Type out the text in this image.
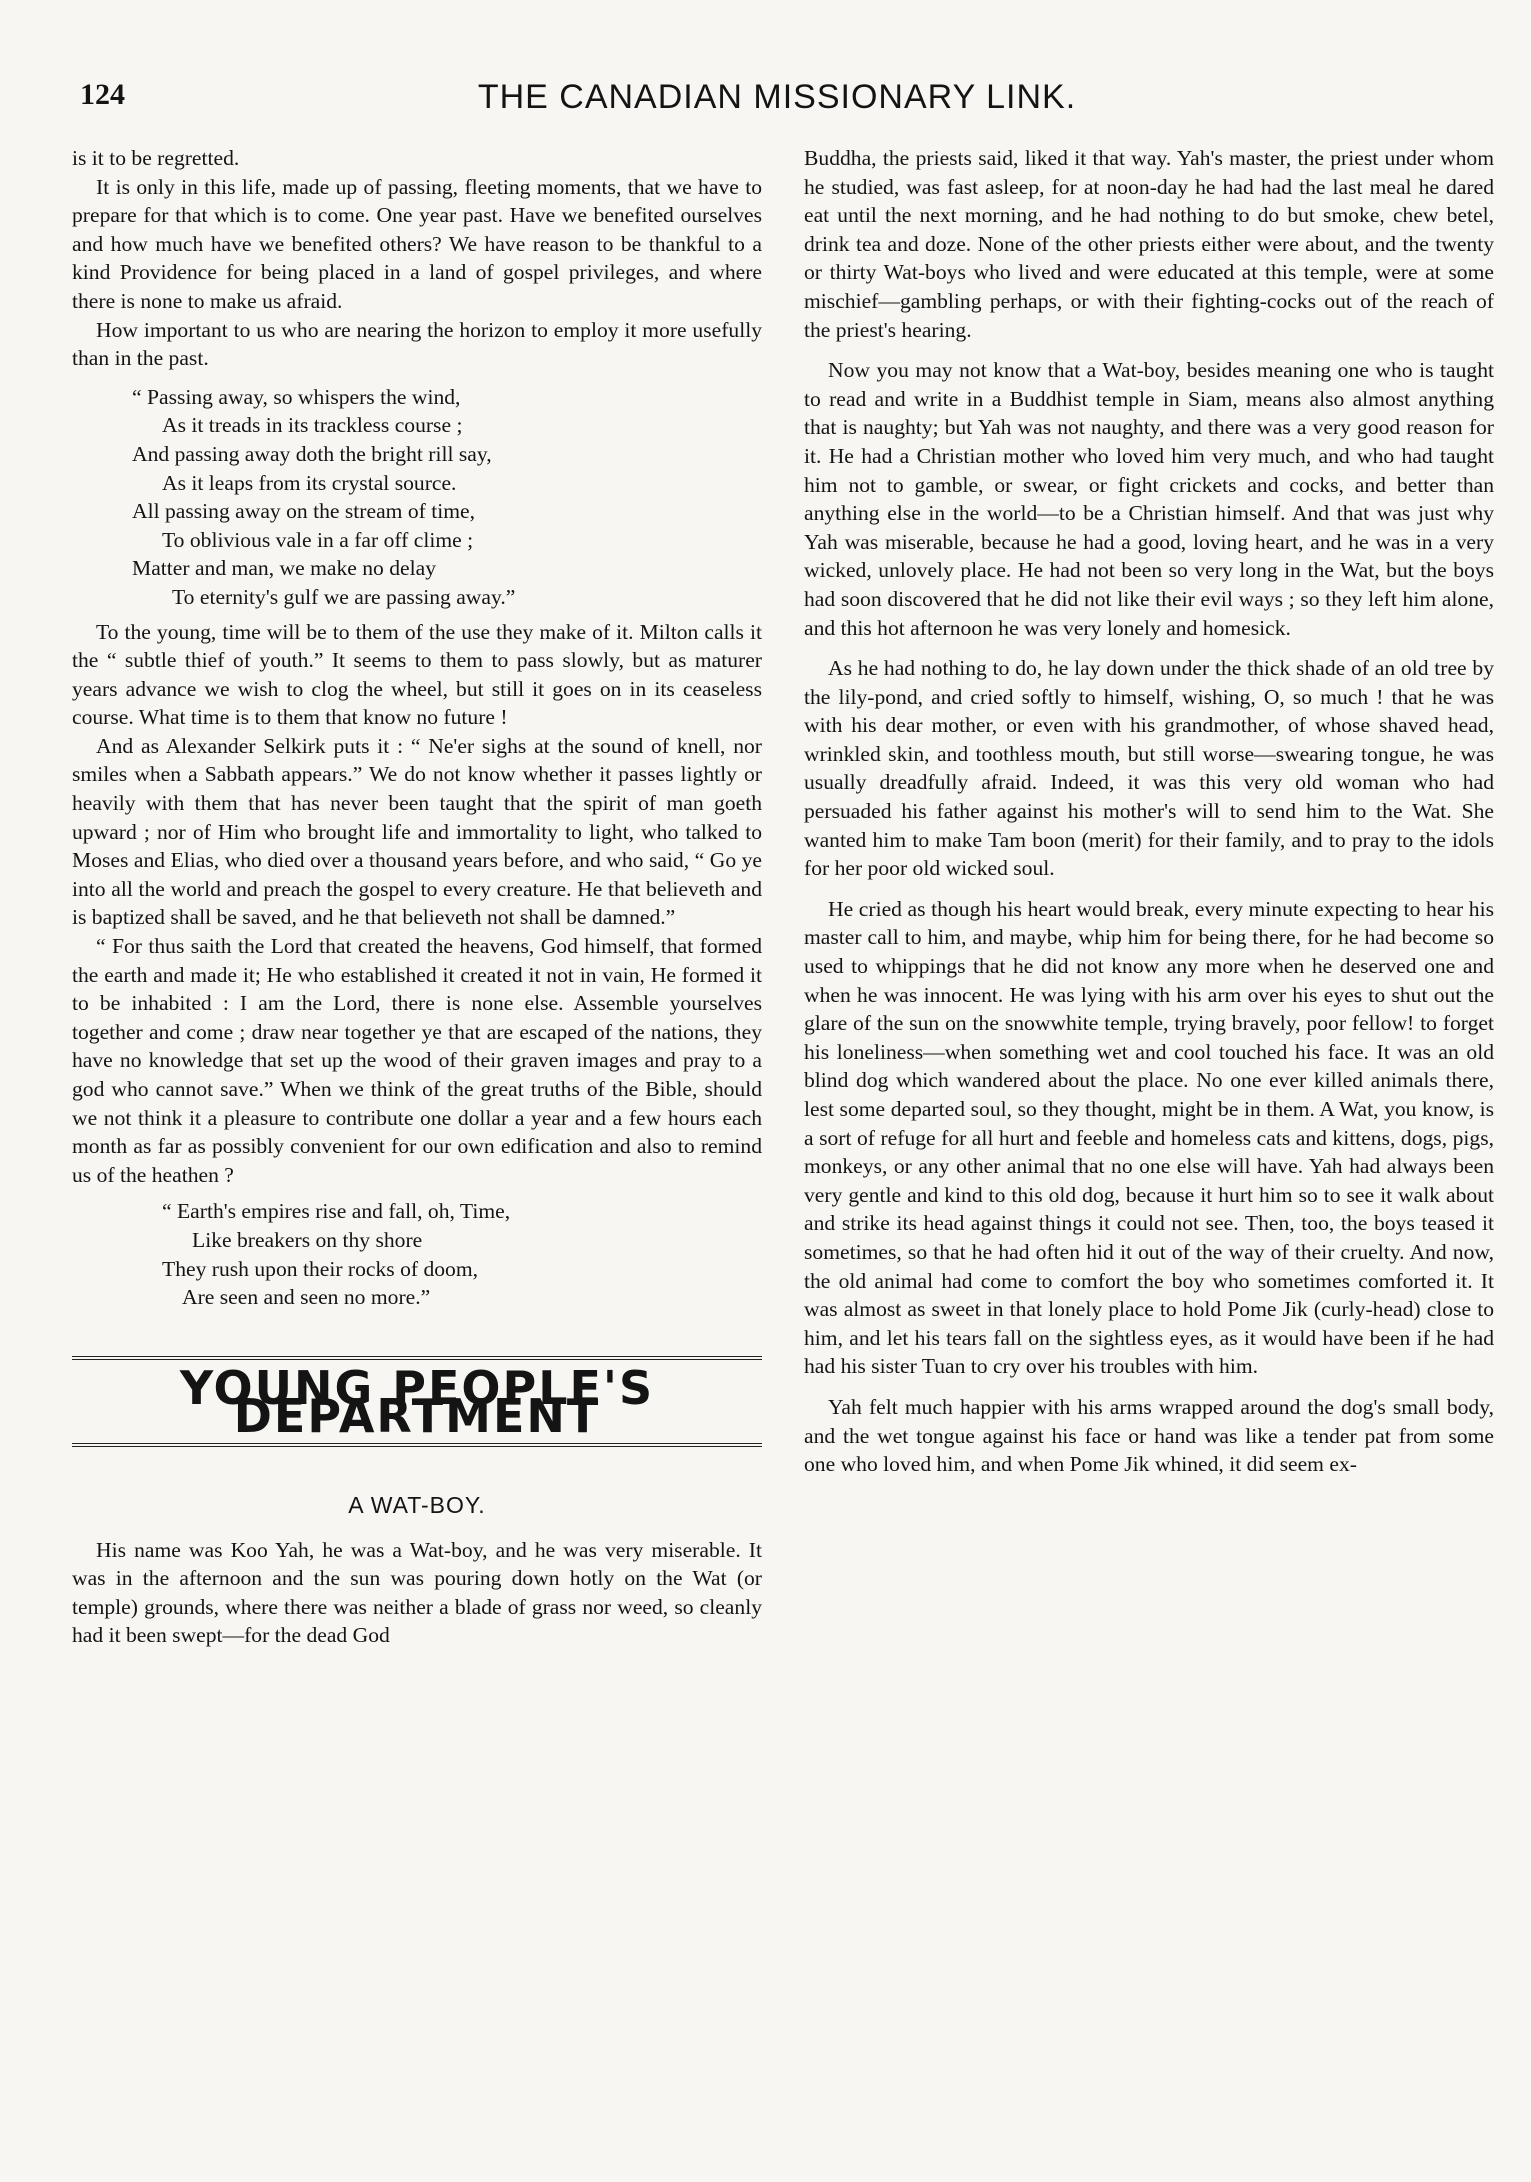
124	THE CANADIAN MISSIONARY LINK.

is it to be regretted.

It is only in this life, made up of passing, fleeting moments, that we have to prepare for that which is to come. One year past. Have we benefited ourselves and how much have we benefited others? We have reason to be thankful to a kind Providence for being placed in a land of gospel privileges, and where there is none to make us afraid.

How important to us who are nearing the horizon to employ it more usefully than in the past.

“ Passing away, so whispers the wind,
As it treads in its trackless course ;
And passing away doth the bright rill say,
As it leaps from its crystal source.
All passing away on the stream of time,
To oblivious vale in a far off clime ;
Matter and man, we make no delay
To eternity's gulf we are passing away.”

To the young, time will be to them of the use they make of it. Milton calls it the “ subtle thief of youth.” It seems to them to pass slowly, but as maturer years advance we wish to clog the wheel, but still it goes on in its ceaseless course. What time is to them that know no future !

And as Alexander Selkirk puts it : “ Ne'er sighs at the sound of knell, nor smiles when a Sabbath appears.” We do not know whether it passes lightly or heavily with them that has never been taught that the spirit of man goeth upward ; nor of Him who brought life and immortality to light, who talked to Moses and Elias, who died over a thousand years before, and who said, “ Go ye into all the world and preach the gospel to every creature. He that believeth and is baptized shall be saved, and he that believeth not shall be damned.”

“ For thus saith the Lord that created the heavens, God himself, that formed the earth and made it; He who established it created it not in vain, He formed it to be inhabited : I am the Lord, there is none else. Assemble yourselves together and come ; draw near together ye that are escaped of the nations, they have no knowledge that set up the wood of their graven images and pray to a god who cannot save.” When we think of the great truths of the Bible, should we not think it a pleasure to contribute one dollar a year and a few hours each month as far as possibly convenient for our own edification and also to remind us of the heathen ?

“ Earth's empires rise and fall, oh, Time,
Like breakers on thy shore
They rush upon their rocks of doom,
Are seen and seen no more.”
YOUNG PEOPLE'S DEPARTMENT
A WAT-BOY.

His name was Koo Yah, he was a Wat-boy, and he was very miserable. It was in the afternoon and the sun was pouring down hotly on the Wat (or temple) grounds, where there was neither a blade of grass nor weed, so cleanly had it been swept—for the dead God

Buddha, the priests said, liked it that way. Yah's master, the priest under whom he studied, was fast asleep, for at noon-day he had had the last meal he dared eat until the next morning, and he had nothing to do but smoke, chew betel, drink tea and doze. None of the other priests either were about, and the twenty or thirty Wat-boys who lived and were educated at this temple, were at some mischief—gambling perhaps, or with their fighting-cocks out of the reach of the priest's hearing.

Now you may not know that a Wat-boy, besides meaning one who is taught to read and write in a Buddhist temple in Siam, means also almost anything that is naughty; but Yah was not naughty, and there was a very good reason for it. He had a Christian mother who loved him very much, and who had taught him not to gamble, or swear, or fight crickets and cocks, and better than anything else in the world—to be a Christian himself. And that was just why Yah was miserable, because he had a good, loving heart, and he was in a very wicked, unlovely place. He had not been so very long in the Wat, but the boys had soon discovered that he did not like their evil ways ; so they left him alone, and this hot afternoon he was very lonely and homesick.

As he had nothing to do, he lay down under the thick shade of an old tree by the lily-pond, and cried softly to himself, wishing, O, so much ! that he was with his dear mother, or even with his grandmother, of whose shaved head, wrinkled skin, and toothless mouth, but still worse—swearing tongue, he was usually dreadfully afraid. Indeed, it was this very old woman who had persuaded his father against his mother's will to send him to the Wat. She wanted him to make Tam boon (merit) for their family, and to pray to the idols for her poor old wicked soul.

He cried as though his heart would break, every minute expecting to hear his master call to him, and maybe, whip him for being there, for he had become so used to whippings that he did not know any more when he deserved one and when he was innocent. He was lying with his arm over his eyes to shut out the glare of the sun on the snowwhite temple, trying bravely, poor fellow! to forget his loneliness—when something wet and cool touched his face. It was an old blind dog which wandered about the place. No one ever killed animals there, lest some departed soul, so they thought, might be in them. A Wat, you know, is a sort of refuge for all hurt and feeble and homeless cats and kittens, dogs, pigs, monkeys, or any other animal that no one else will have. Yah had always been very gentle and kind to this old dog, because it hurt him so to see it walk about and strike its head against things it could not see. Then, too, the boys teased it sometimes, so that he had often hid it out of the way of their cruelty. And now, the old animal had come to comfort the boy who sometimes comforted it. It was almost as sweet in that lonely place to hold Pome Jik (curly-head) close to him, and let his tears fall on the sightless eyes, as it would have been if he had had his sister Tuan to cry over his troubles with him.

Yah felt much happier with his arms wrapped around the dog's small body, and the wet tongue against his face or hand was like a tender pat from some one who loved him, and when Pome Jik whined, it did seem ex-
